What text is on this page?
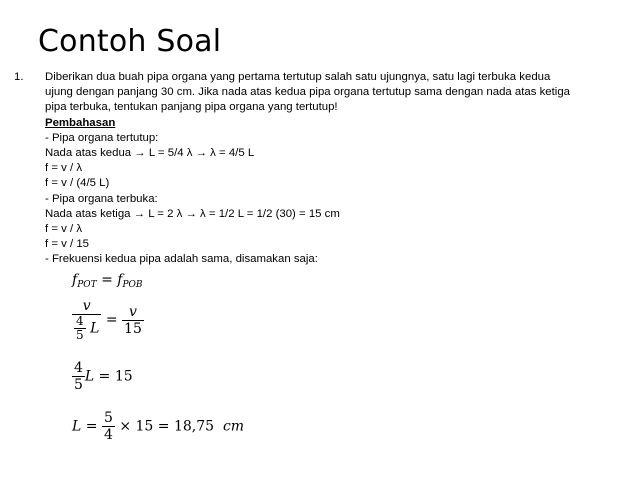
Contoh Soal
1. Diberikan dua buah pipa organa yang pertama tertutup salah satu ujungnya, satu lagi terbuka kedua
ujung dengan panjang 30 cm. Jika nada atas kedua pipa organa tertutup sama dengan nada atas ketiga
pipa terbuka, tentukan panjang pipa organa yang tertutup!
Pembahasan
- Pipa organa tertutup:
Nada atas kedua → L = 5/4 λ → λ = 4/5 L
f = v / λ
f = v / (4/5 L)
- Pipa organa terbuka:
Nada atas ketiga → L = 2 λ → λ = 1/2 L = 1/2 (30) = 15 cm
f = v / λ
f = v / 15
- Frekuensi kedua pipa adalah sama, disamakan saja:
$f_{POT} = f_{POB}$
$\frac{v}{\frac{4}{5} L} = \frac{v}{15}$
$\frac{4}{5}$ L = 15
$L = \frac{5}{4} \times 15 = 18,75$ cm
